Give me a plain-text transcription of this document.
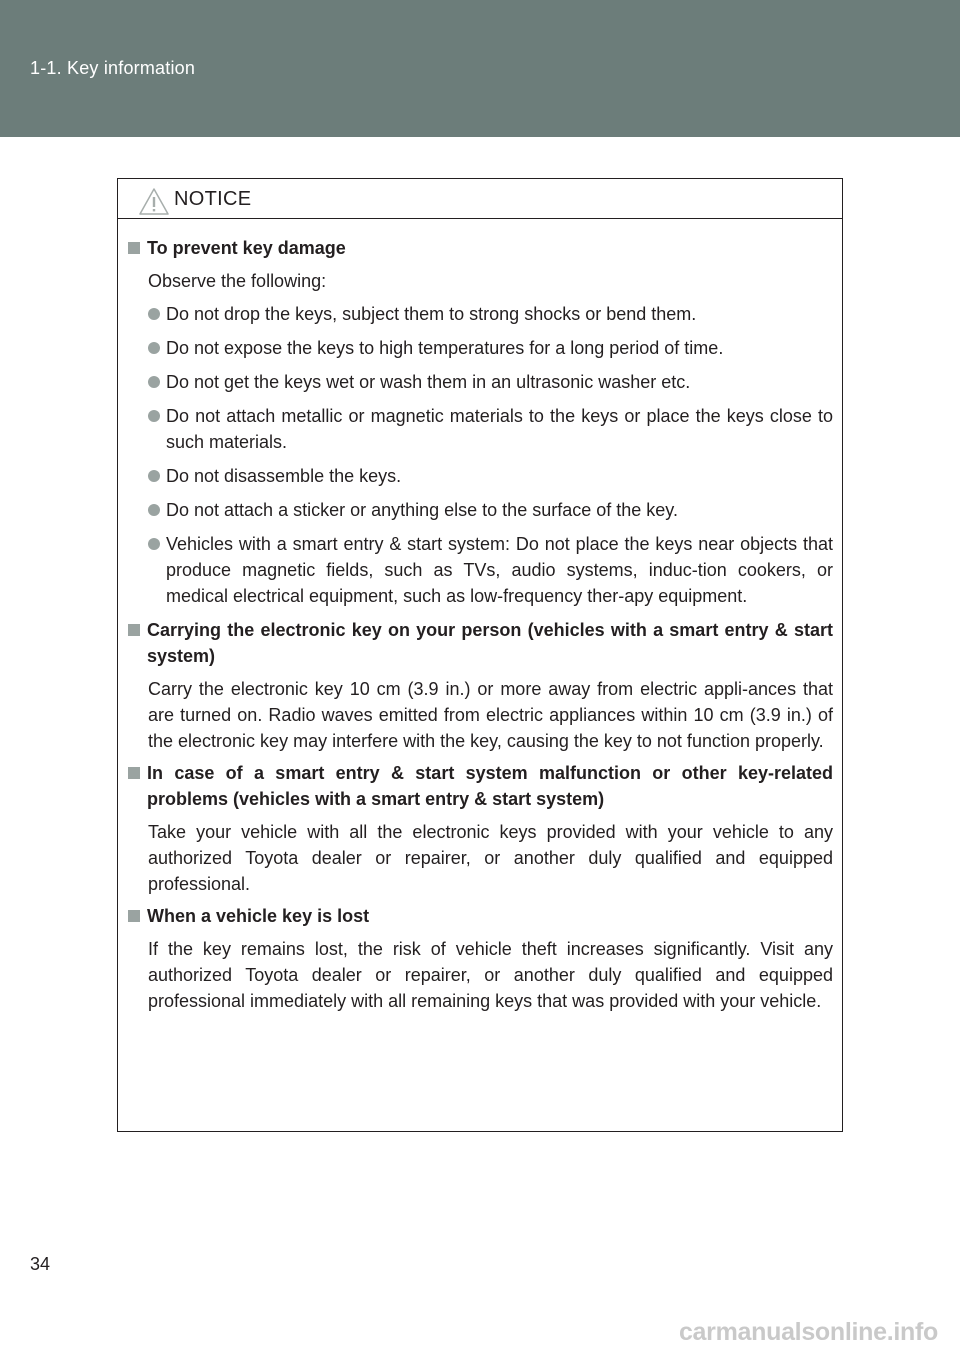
1-1. Key information
NOTICE
To prevent key damage
Observe the following:
Do not drop the keys, subject them to strong shocks or bend them.
Do not expose the keys to high temperatures for a long period of time.
Do not get the keys wet or wash them in an ultrasonic washer etc.
Do not attach metallic or magnetic materials to the keys or place the keys close to such materials.
Do not disassemble the keys.
Do not attach a sticker or anything else to the surface of the key.
Vehicles with a smart entry & start system: Do not place the keys near objects that produce magnetic fields, such as TVs, audio systems, induc-tion cookers, or medical electrical equipment, such as low-frequency ther-apy equipment.
Carrying the electronic key on your person (vehicles with a smart entry & start system)
Carry the electronic key 10 cm (3.9 in.) or more away from electric appli-ances that are turned on. Radio waves emitted from electric appliances within 10 cm (3.9 in.) of the electronic key may interfere with the key, causing the key to not function properly.
In case of a smart entry & start system malfunction or other key-related problems (vehicles with a smart entry & start system)
Take your vehicle with all the electronic keys provided with your vehicle to any authorized Toyota dealer or repairer, or another duly qualified and equipped professional.
When a vehicle key is lost
If the key remains lost, the risk of vehicle theft increases significantly. Visit any authorized Toyota dealer or repairer, or another duly qualified and equipped professional immediately with all remaining keys that was provided with your vehicle.
34
carmanualsonline.info
